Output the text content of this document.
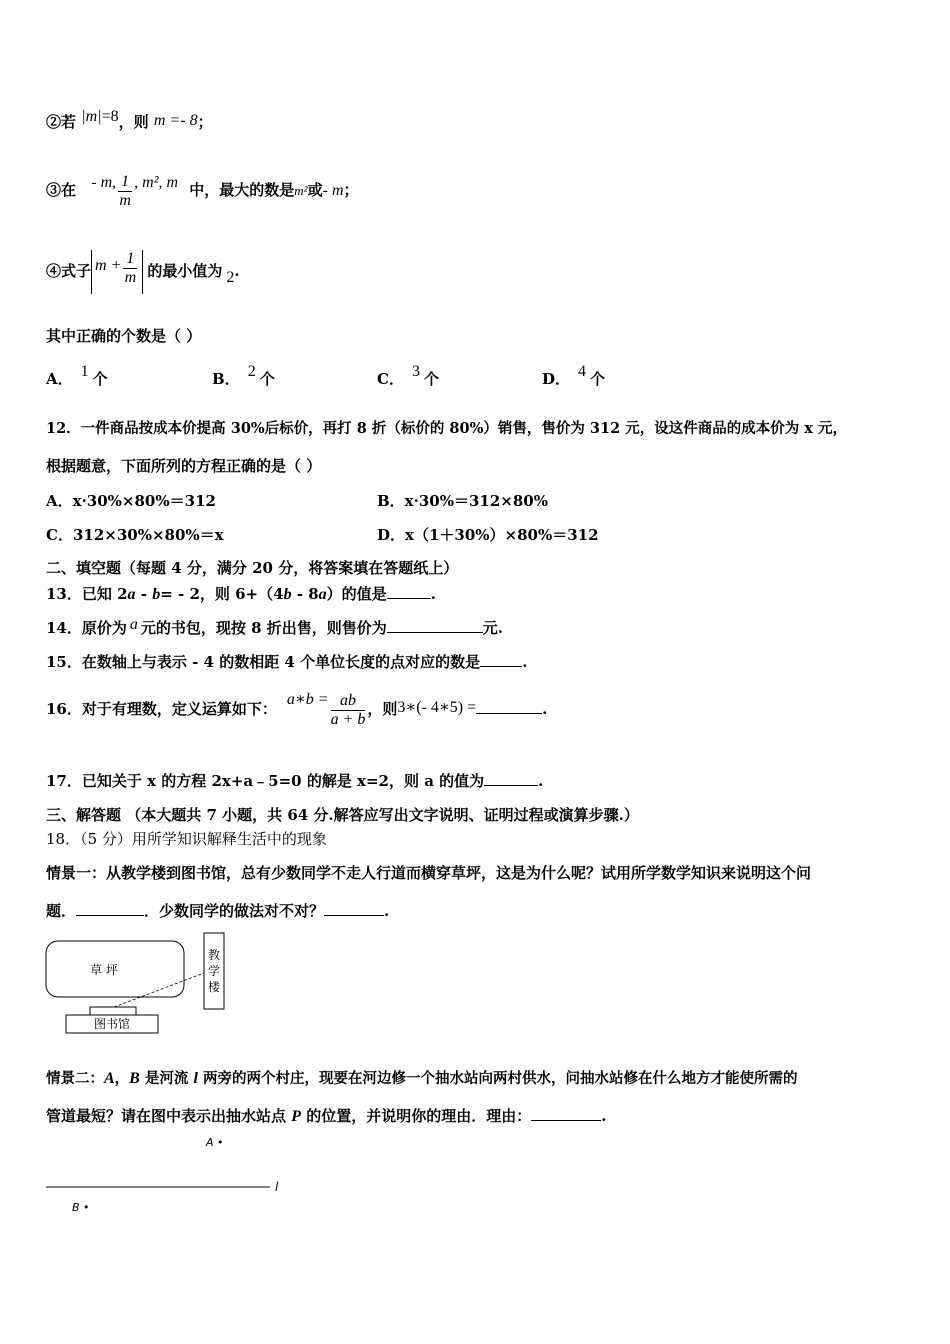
②若 |m|=8，则 m =- 8；
③在 - m, $\frac{1}{m}$ , m², m 中，最大的数是m²或- m；
④式子 $m + \frac{1}{m}$ 的最小值为 2.
其中正确的个数是（ ）
A． 1 个	B． 2 个	C． 3 个	D． 4 个
12．一件商品按成本价提高 30%后标价，再打 8 折（标价的 80%）销售，售价为 312 元，设这件商品的成本价为 x 元，
根据题意，下面所列的方程正确的是（ ）
A．x·30%×80%＝312	B．x·30%＝312×80%
C．312×30%×80%＝x	D．x（1＋30%）×80%＝312
二、填空题（每题 4 分，满分 20 分，将答案填在答题纸上）
13．已知 2a - b= - 2，则 6+（4b - 8a）的值是	.
14．原价为 a 元的书包，现按 8 折出售，则售价为	元.
15．在数轴上与表示 - 4 的数相距 4 个单位长度的点对应的数是	.
16．对于有理数，定义运算如下：a∗b = $\frac{ab}{a + b}$ ，则3∗(- 4∗5) =	.
17．已知关于 x 的方程 2x+a﹣5=0 的解是 x=2，则 a 的值为	.
三、解答题 （本大题共 7 小题，共 64 分.解答应写出文字说明、证明过程或演算步骤.）
18．（5 分）用所学知识解释生活中的现象
情景一：从教学楼到图书馆，总有少数同学不走人行道而横穿草坪，这是为什么呢？试用所学数学知识来说明这个问
题．	．少数同学的做法对不对？	.
草 坪
教
学
楼
图书馆
情景二：A，B 是河流 l 两旁的两个村庄，现要在河边修一个抽水站向两村供水，问抽水站修在什么地方才能使所需的
管道最短？请在图中表示出抽水站点 P 的位置，并说明你的理由．理由：	.
A •
l
B •
